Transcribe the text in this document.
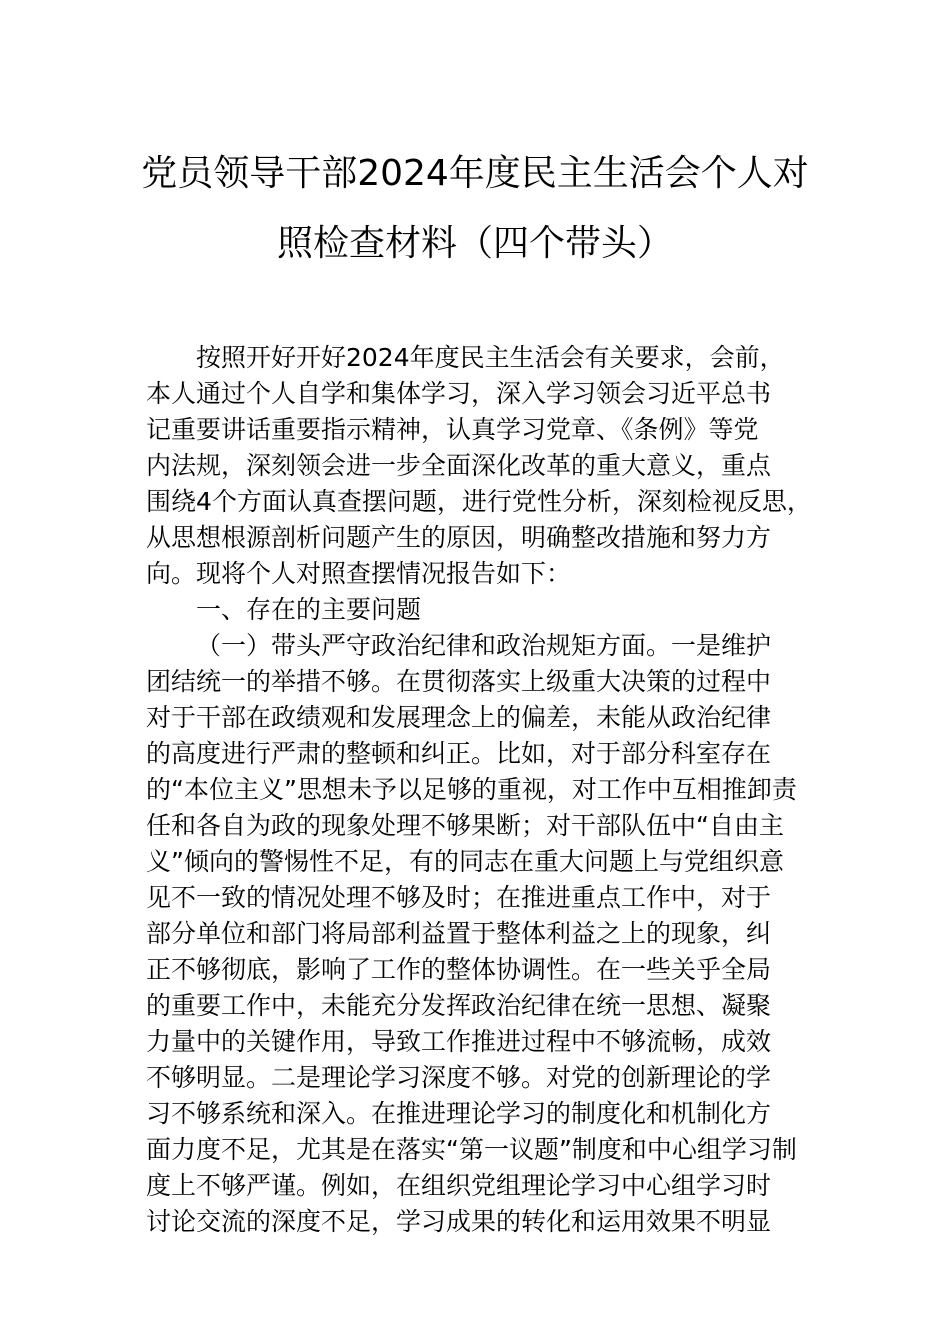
党员领导干部2024年度民主生活会个人对
照检查材料（四个带头）
按照开好开好2024年度民主生活会有关要求，会前，
本人通过个人自学和集体学习，深入学习领会习近平总书
记重要讲话重要指示精神，认真学习党章、《条例》等党
内法规，深刻领会进一步全面深化改革的重大意义，重点
围绕4个方面认真查摆问题，进行党性分析，深刻检视反思，
从思想根源剖析问题产生的原因，明确整改措施和努力方
向。现将个人对照查摆情况报告如下：
一、存在的主要问题
（一）带头严守政治纪律和政治规矩方面。一是维护
团结统一的举措不够。在贯彻落实上级重大决策的过程中
对于干部在政绩观和发展理念上的偏差，未能从政治纪律
的高度进行严肃的整顿和纠正。比如，对于部分科室存在
的“本位主义”思想未予以足够的重视，对工作中互相推卸责
任和各自为政的现象处理不够果断；对干部队伍中“自由主
义”倾向的警惕性不足，有的同志在重大问题上与党组织意
见不一致的情况处理不够及时；在推进重点工作中，对于
部分单位和部门将局部利益置于整体利益之上的现象，纠
正不够彻底，影响了工作的整体协调性。在一些关乎全局
的重要工作中，未能充分发挥政治纪律在统一思想、凝聚
力量中的关键作用，导致工作推进过程中不够流畅，成效
不够明显。二是理论学习深度不够。对党的创新理论的学
习不够系统和深入。在推进理论学习的制度化和机制化方
面力度不足，尤其是在落实“第一议题”制度和中心组学习制
度上不够严谨。例如，在组织党组理论学习中心组学习时
讨论交流的深度不足，学习成果的转化和运用效果不明显
